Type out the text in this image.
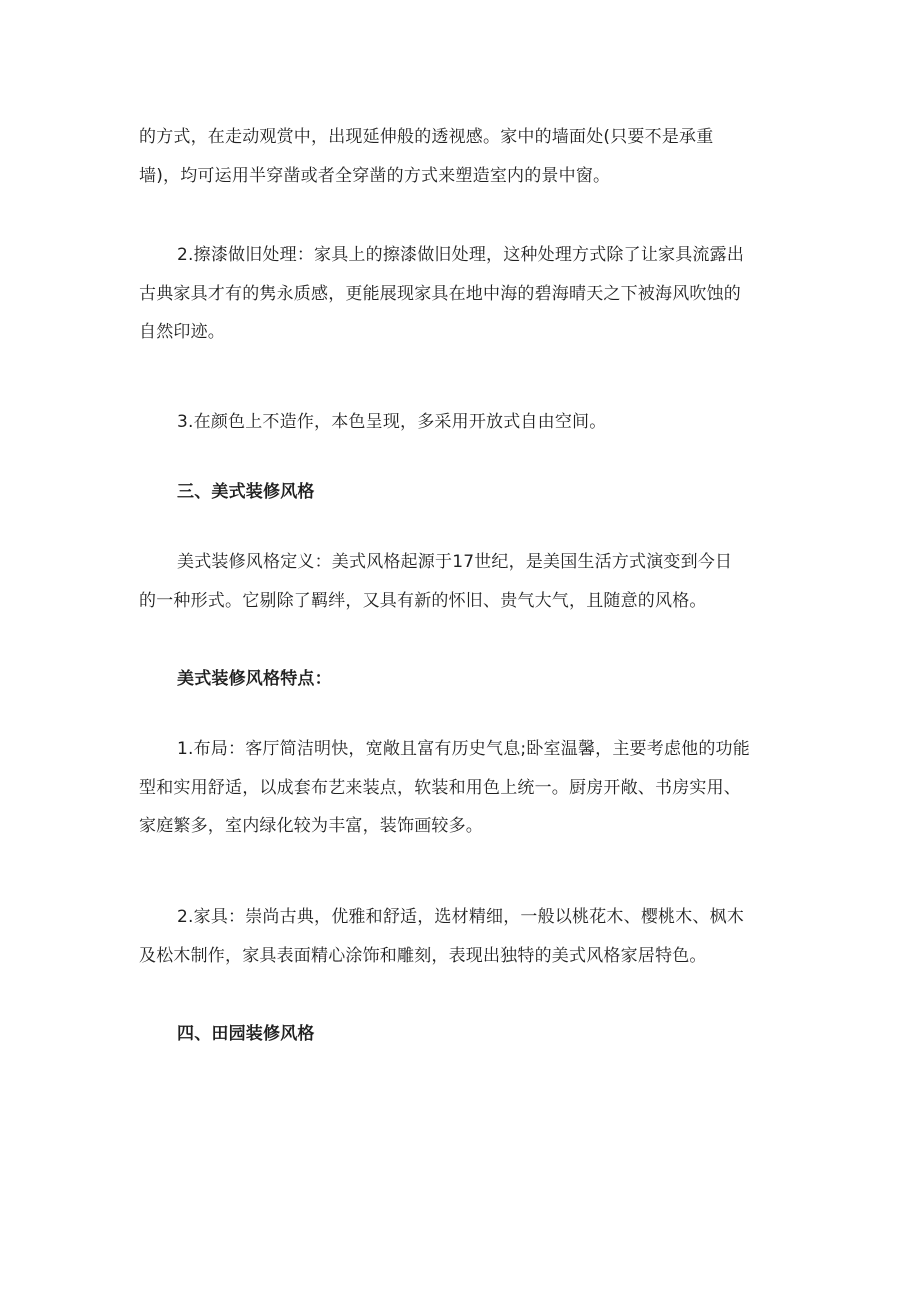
的方式，在走动观赏中，出现延伸般的透视感。家中的墙面处(只要不是承重
墙)，均可运用半穿凿或者全穿凿的方式来塑造室内的景中窗。
2.擦漆做旧处理：家具上的擦漆做旧处理，这种处理方式除了让家具流露出
古典家具才有的隽永质感，更能展现家具在地中海的碧海晴天之下被海风吹蚀的
自然印迹。
3.在颜色上不造作，本色呈现，多采用开放式自由空间。
三、美式装修风格
美式装修风格定义：美式风格起源于17世纪，是美国生活方式演变到今日
的一种形式。它剔除了羁绊，又具有新的怀旧、贵气大气，且随意的风格。
美式装修风格特点：
1.布局：客厅简洁明快，宽敞且富有历史气息;卧室温馨，主要考虑他的功能
型和实用舒适，以成套布艺来装点，软装和用色上统一。厨房开敞、书房实用、
家庭繁多，室内绿化较为丰富，装饰画较多。
2.家具：崇尚古典，优雅和舒适，选材精细，一般以桃花木、樱桃木、枫木
及松木制作，家具表面精心涂饰和雕刻，表现出独特的美式风格家居特色。
四、田园装修风格
